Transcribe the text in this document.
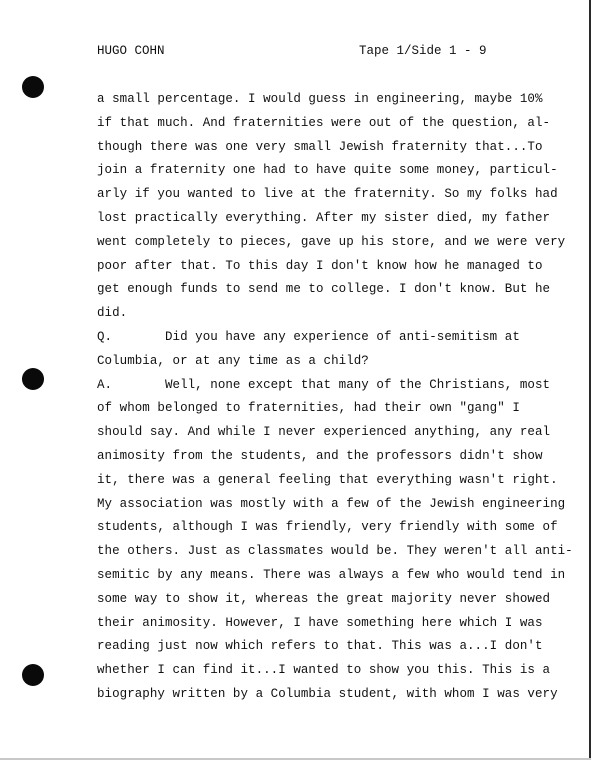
HUGO COHN	Tape 1/Side 1 - 9
a small percentage. I would guess in engineering, maybe 10%
if that much. And fraternities were out of the question, al-
though there was one very small Jewish fraternity that...To
join a fraternity one had to have quite some money, particul-
arly if you wanted to live at the fraternity. So my folks had
lost practically everything. After my sister died, my father
went completely to pieces, gave up his store, and we were very
poor after that. To this day I don't know how he managed to
get enough funds to send me to college. I don't know. But he
did.
Q.       Did you have any experience of anti-semitism at
Columbia, or at any time as a child?
A.       Well, none except that many of the Christians, most
of whom belonged to fraternities, had their own "gang" I
should say. And while I never experienced anything, any real
animosity from the students, and the professors didn't show
it, there was a general feeling that everything wasn't right.
My association was mostly with a few of the Jewish engineering
students, although I was friendly, very friendly with some of
the others. Just as classmates would be. They weren't all anti-
semitic by any means. There was always a few who would tend in
some way to show it, whereas the great majority never showed
their animosity. However, I have something here which I was
reading just now which refers to that. This was a...I don't
whether I can find it...I wanted to show you this. This is a
biography written by a Columbia student, with whom I was very
